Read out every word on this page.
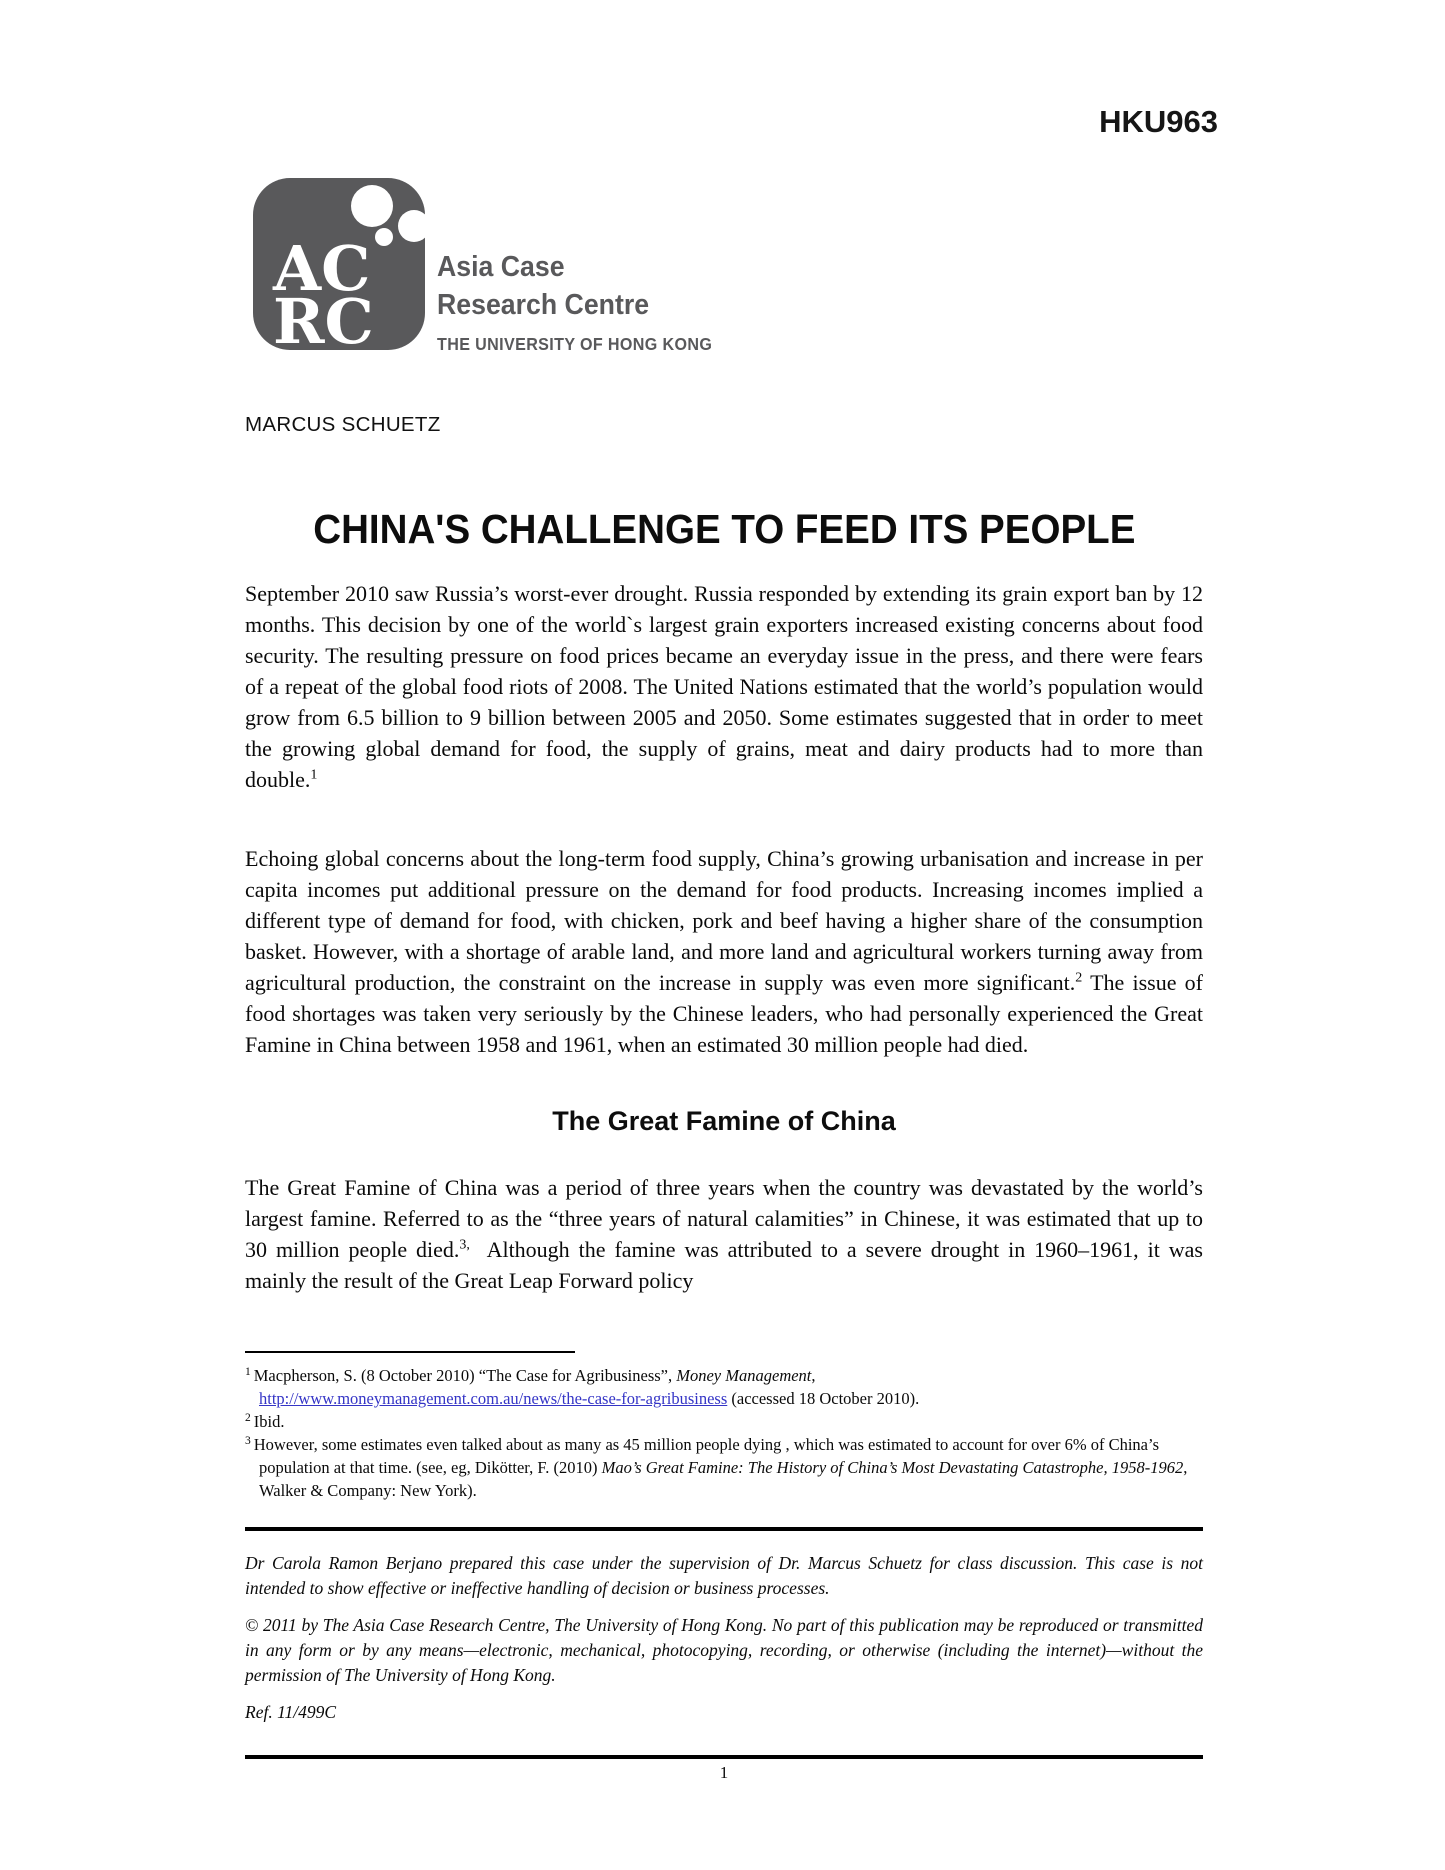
HKU963
AC
RC
Asia Case
Research Centre
THE UNIVERSITY OF HONG KONG
MARCUS SCHUETZ
CHINA'S CHALLENGE TO FEED ITS PEOPLE
September 2010 saw Russia’s worst-ever drought. Russia responded by extending its grain export ban by 12 months. This decision by one of the world`s largest grain exporters increased existing concerns about food security. The resulting pressure on food prices became an everyday issue in the press, and there were fears of a repeat of the global food riots of 2008. The United Nations estimated that the world’s population would grow from 6.5 billion to 9 billion between 2005 and 2050. Some estimates suggested that in order to meet the growing global demand for food, the supply of grains, meat and dairy products had to more than double.$^1$
Echoing global concerns about the long-term food supply, China’s growing urbanisation and increase in per capita incomes put additional pressure on the demand for food products. Increasing incomes implied a different type of demand for food, with chicken, pork and beef having a higher share of the consumption basket. However, with a shortage of arable land, and more land and agricultural workers turning away from agricultural production, the constraint on the increase in supply was even more significant.$^2$ The issue of food shortages was taken very seriously by the Chinese leaders, who had personally experienced the Great Famine in China between 1958 and 1961, when an estimated 30 million people had died.
The Great Famine of China
The Great Famine of China was a period of three years when the country was devastated by the world’s largest famine. Referred to as the “three years of natural calamities” in Chinese, it was estimated that up to 30 million people died.$^{3,}$  Although the famine was attributed to a severe drought in 1960–1961, it was mainly the result of the Great Leap Forward policy
$^1$ Macpherson, S. (8 October 2010) “The Case for Agribusiness”, Money Management,
http://www.moneymanagement.com.au/news/the-case-for-agribusiness (accessed 18 October 2010).
$^2$ Ibid.
$^3$ However, some estimates even talked about as many as 45 million people dying , which was estimated to account for over 6% of China’s population at that time. (see, eg, Dikötter, F. (2010) Mao’s Great Famine: The History of China’s Most Devastating Catastrophe, 1958-1962, Walker & Company: New York).
Dr Carola Ramon Berjano prepared this case under the supervision of Dr. Marcus Schuetz for class discussion. This case is not intended to show effective or ineffective handling of decision or business processes.
© 2011 by The Asia Case Research Centre, The University of Hong Kong. No part of this publication may be reproduced or transmitted in any form or by any means—electronic, mechanical, photocopying, recording, or otherwise (including the internet)—without the permission of The University of Hong Kong.
Ref. 11/499C
1
